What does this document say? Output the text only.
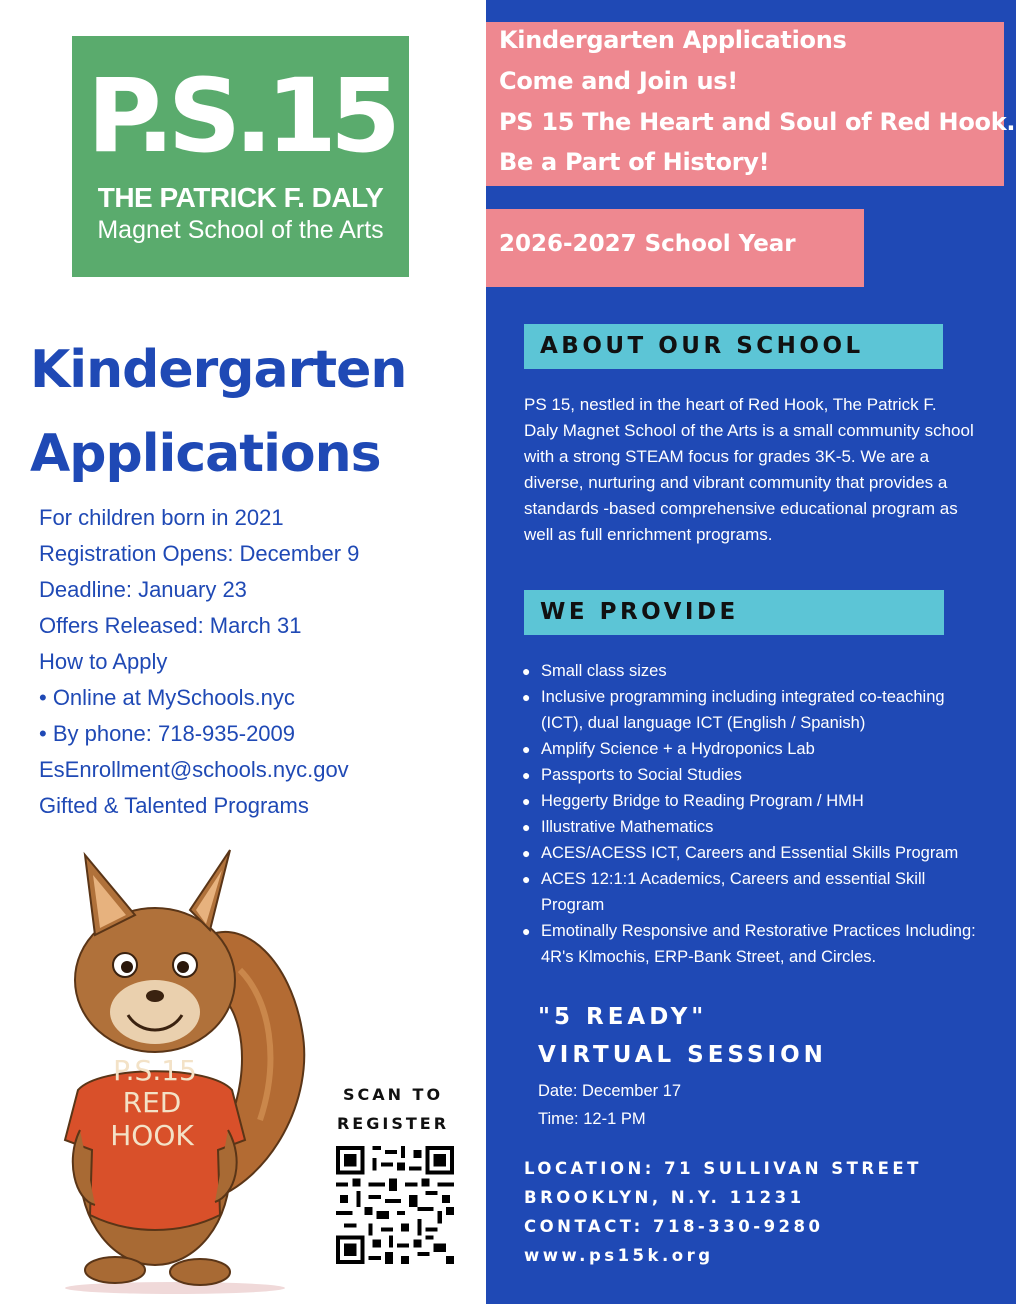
P.S.15
THE PATRICK F. DALY
Magnet School of the Arts
Kindergarten
Applications
For children born in 2021
Registration Opens: December 9
Deadline: January 23
Offers Released: March 31
How to Apply
• Online at MySchools.nyc
• By phone: 718-935-2009
EsEnrollment@schools.nyc.gov
Gifted & Talented Programs
P.S.15
RED
HOOK
SCAN TO
REGISTER
Kindergarten Applications
Come and Join us!
PS 15 The Heart and Soul of Red Hook.
Be a Part of History!
2026-2027 School Year
ABOUT OUR SCHOOL
PS 15, nestled in the heart of Red Hook, The Patrick F. Daly Magnet School of the Arts is a small community school with a strong STEAM focus for grades 3K-5. We are a diverse, nurturing and vibrant community that provides a standards -based comprehensive educational program as well as full enrichment programs.
WE PROVIDE
● Small class sizes
● Inclusive programming including integrated co-teaching (ICT), dual language ICT (English / Spanish)
● Amplify Science + a Hydroponics Lab
● Passports to Social Studies
● Heggerty Bridge to Reading Program / HMH
● Illustrative Mathematics
● ACES/ACESS ICT, Careers and Essential Skills Program
● ACES 12:1:1 Academics, Careers and essential Skill Program
● Emotinally Responsive and Restorative Practices Including: 4R's Klmochis, ERP-Bank Street, and Circles.
"5 READY"
VIRTUAL SESSION
Date: December 17
Time: 12-1 PM
LOCATION: 71 SULLIVAN STREET
BROOKLYN, N.Y. 11231
CONTACT: 718-330-9280
www.ps15k.org
